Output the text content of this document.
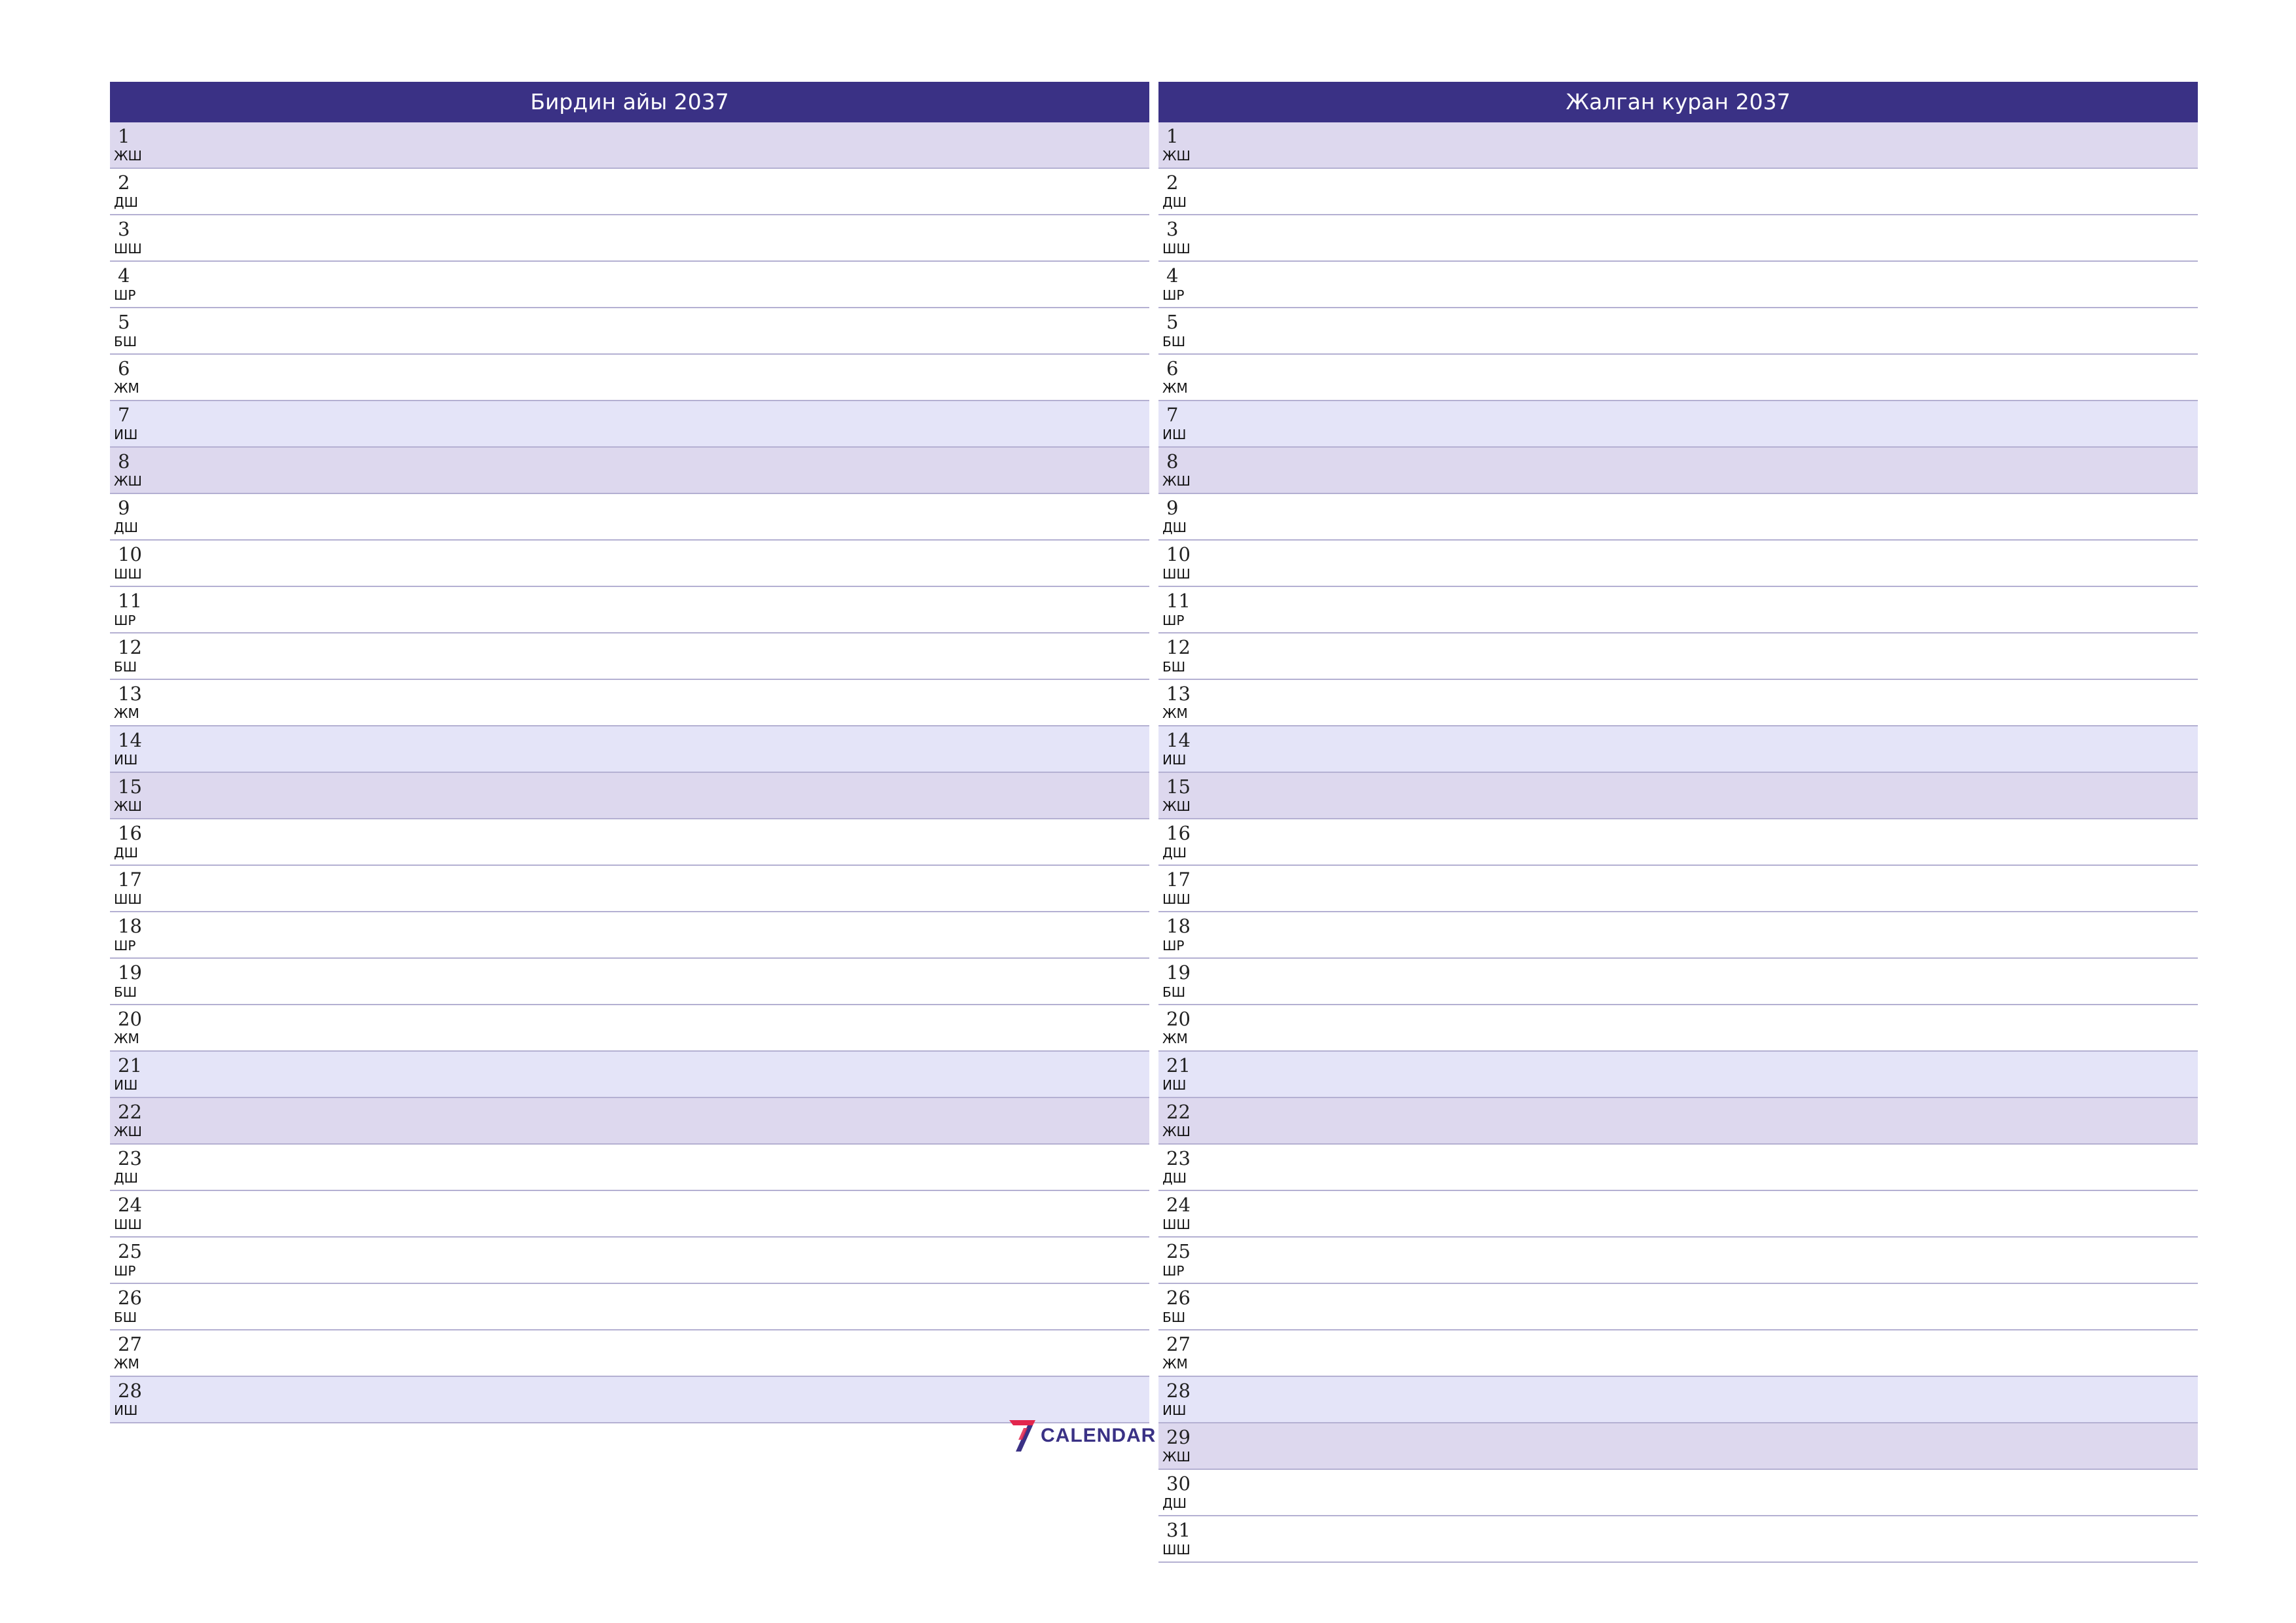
Бирдин айы 2037
1
ЖШ
2
ДШ
3
ШШ
4
ШР
5
БШ
6
ЖМ
7
ИШ
8
ЖШ
9
ДШ
10
ШШ
11
ШР
12
БШ
13
ЖМ
14
ИШ
15
ЖШ
16
ДШ
17
ШШ
18
ШР
19
БШ
20
ЖМ
21
ИШ
22
ЖШ
23
ДШ
24
ШШ
25
ШР
26
БШ
27
ЖМ
28
ИШ
Жалган куран 2037
1
ЖШ
2
ДШ
3
ШШ
4
ШР
5
БШ
6
ЖМ
7
ИШ
8
ЖШ
9
ДШ
10
ШШ
11
ШР
12
БШ
13
ЖМ
14
ИШ
15
ЖШ
16
ДШ
17
ШШ
18
ШР
19
БШ
20
ЖМ
21
ИШ
22
ЖШ
23
ДШ
24
ШШ
25
ШР
26
БШ
27
ЖМ
28
ИШ
29
ЖШ
30
ДШ
31
ШШ
CALENDAR
